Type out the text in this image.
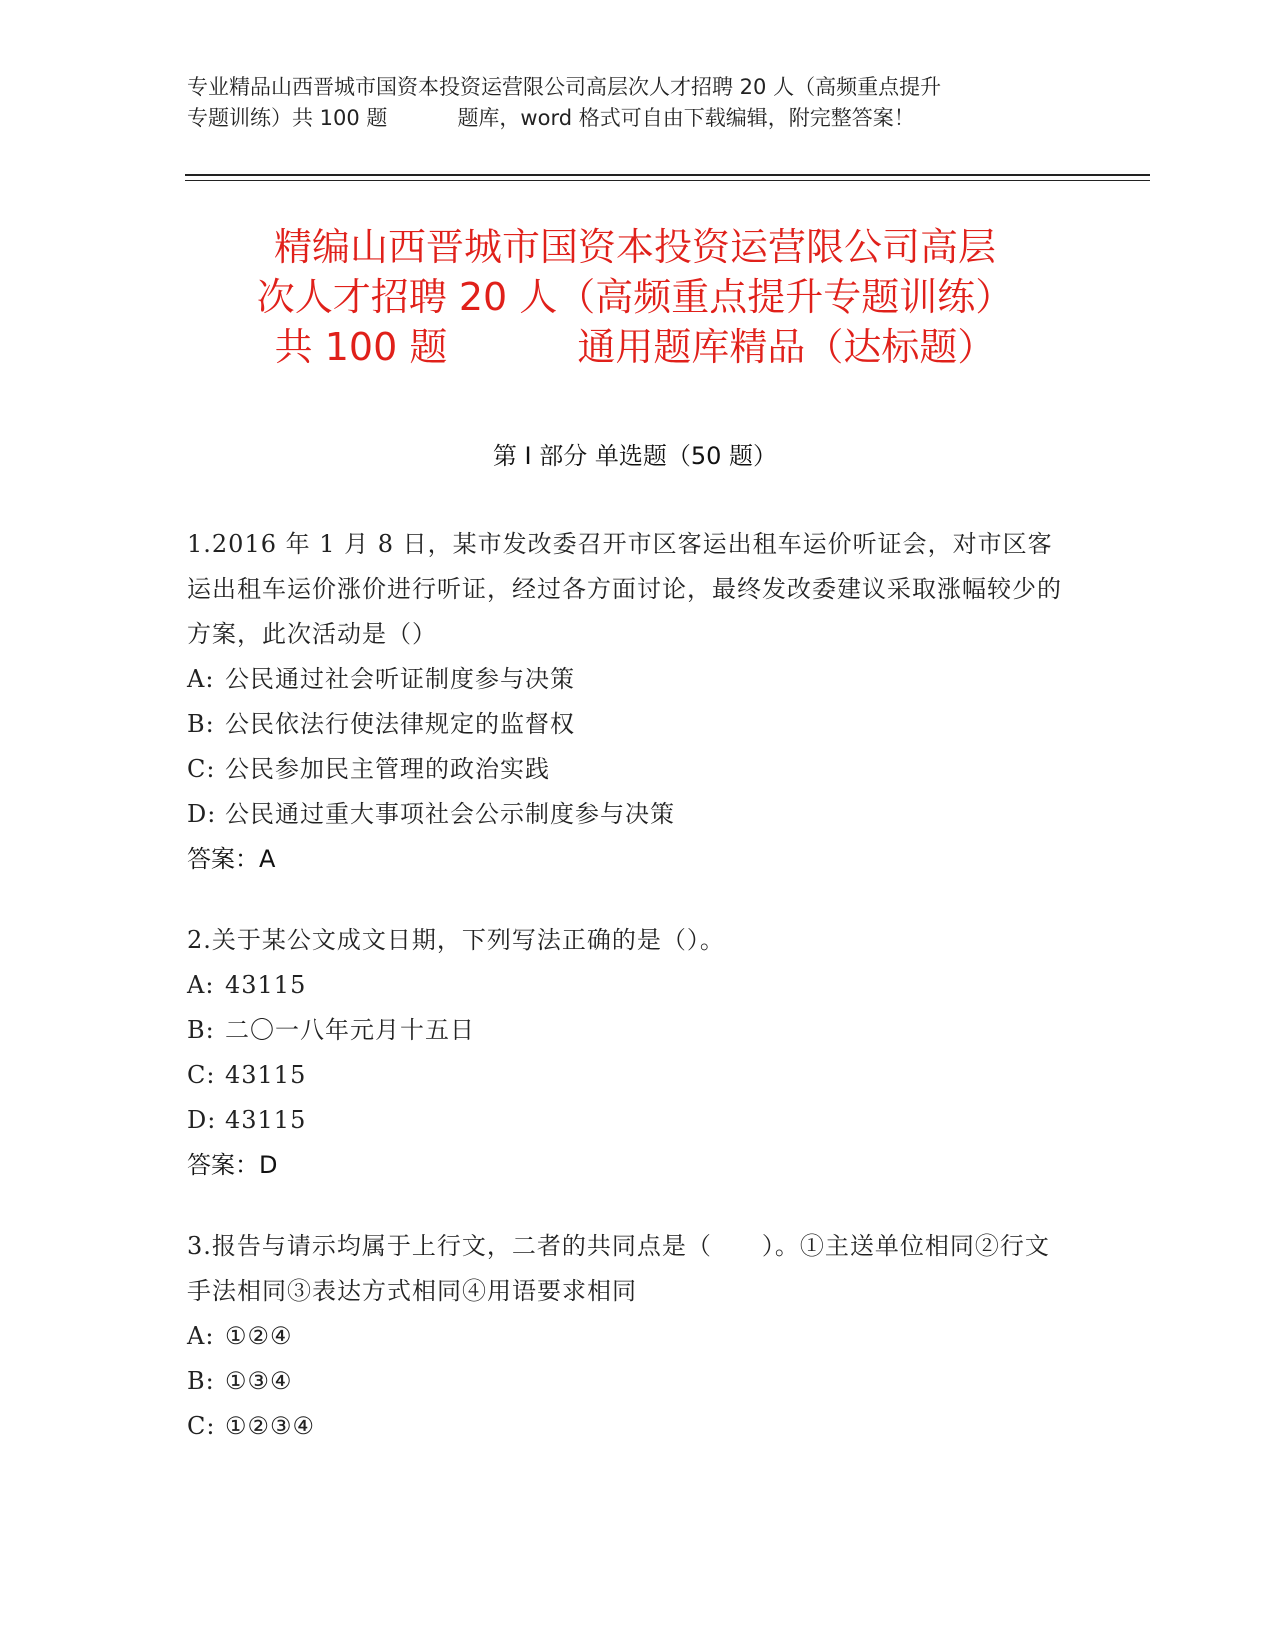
专业精品山西晋城市国资本投资运营限公司高层次人才招聘 20 人（高频重点提升
专题训练）共 100 题	题库，word 格式可自由下载编辑，附完整答案！
精编山西晋城市国资本投资运营限公司高层
次人才招聘 20 人（高频重点提升专题训练）
共 100 题	通用题库精品（达标题）
第 I 部分 单选题（50 题）
1.2016 年 1 月 8 日，某市发改委召开市区客运出租车运价听证会，对市区客运出租车运价涨价进行听证，经过各方面讨论，最终发改委建议采取涨幅较少的方案，此次活动是（）
A: 公民通过社会听证制度参与决策
B: 公民依法行使法律规定的监督权
C: 公民参加民主管理的政治实践
D: 公民通过重大事项社会公示制度参与决策
答案：A
2.关于某公文成文日期，下列写法正确的是（）。
A: 43115
B: 二〇一八年元月十五日
C: 43115
D: 43115
答案：D
3.报告与请示均属于上行文，二者的共同点是（　　）。①主送单位相同②行文手法相同③表达方式相同④用语要求相同
A: ①②④
B: ①③④
C: ①②③④
